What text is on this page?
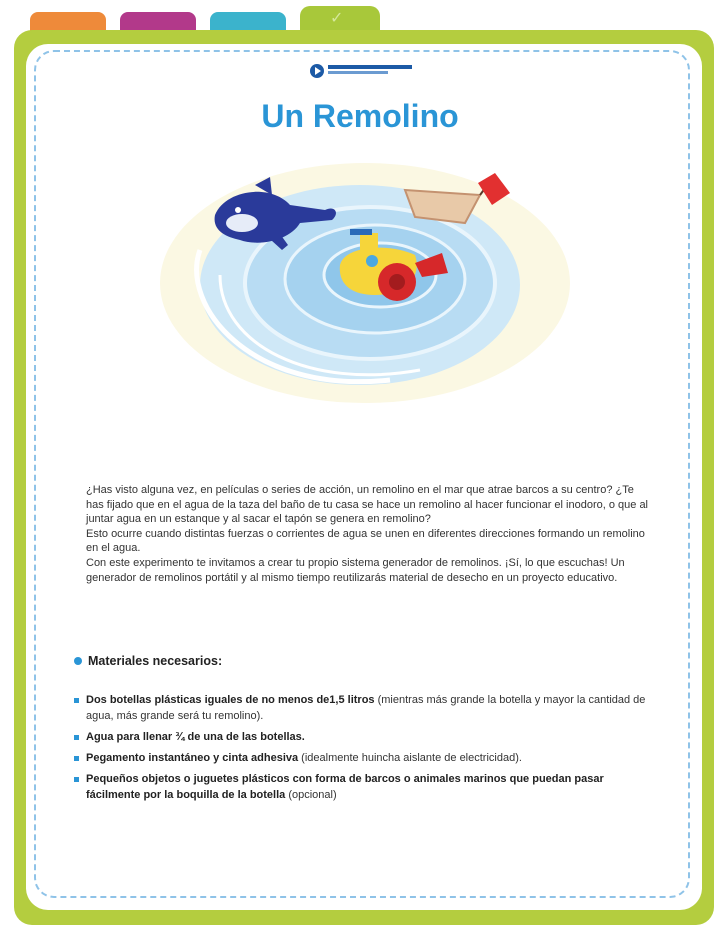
✓
Un Remolino

¿Has visto alguna vez, en películas o series de acción, un remolino en el mar que atrae barcos a su centro? ¿Te has fijado que en el agua de la taza del baño de tu casa se hace un remolino al hacer funcionar el inodoro, o que al juntar agua en un estanque y al sacar el tapón se genera en remolino?

Esto ocurre cuando distintas fuerzas o corrientes de agua se unen en diferentes direcciones formando un remolino en el agua.

Con este experimento te invitamos a crear tu propio sistema generador de remolinos. ¡Sí, lo que escuchas! Un generador de remolinos portátil y al mismo tiempo reutilizarás material de desecho en un proyecto educativo.

Materiales necesarios:
Dos botellas plásticas iguales de no menos de1,5 litros (mientras más grande la botella y mayor la cantidad de agua, más grande será tu remolino).
Agua para llenar ¾ de una de las botellas.
Pegamento instantáneo y cinta adhesiva (idealmente huincha aislante de electricidad).
Pequeños objetos o juguetes plásticos con forma de barcos o animales marinos que puedan pasar fácilmente por la boquilla de la botella (opcional)
